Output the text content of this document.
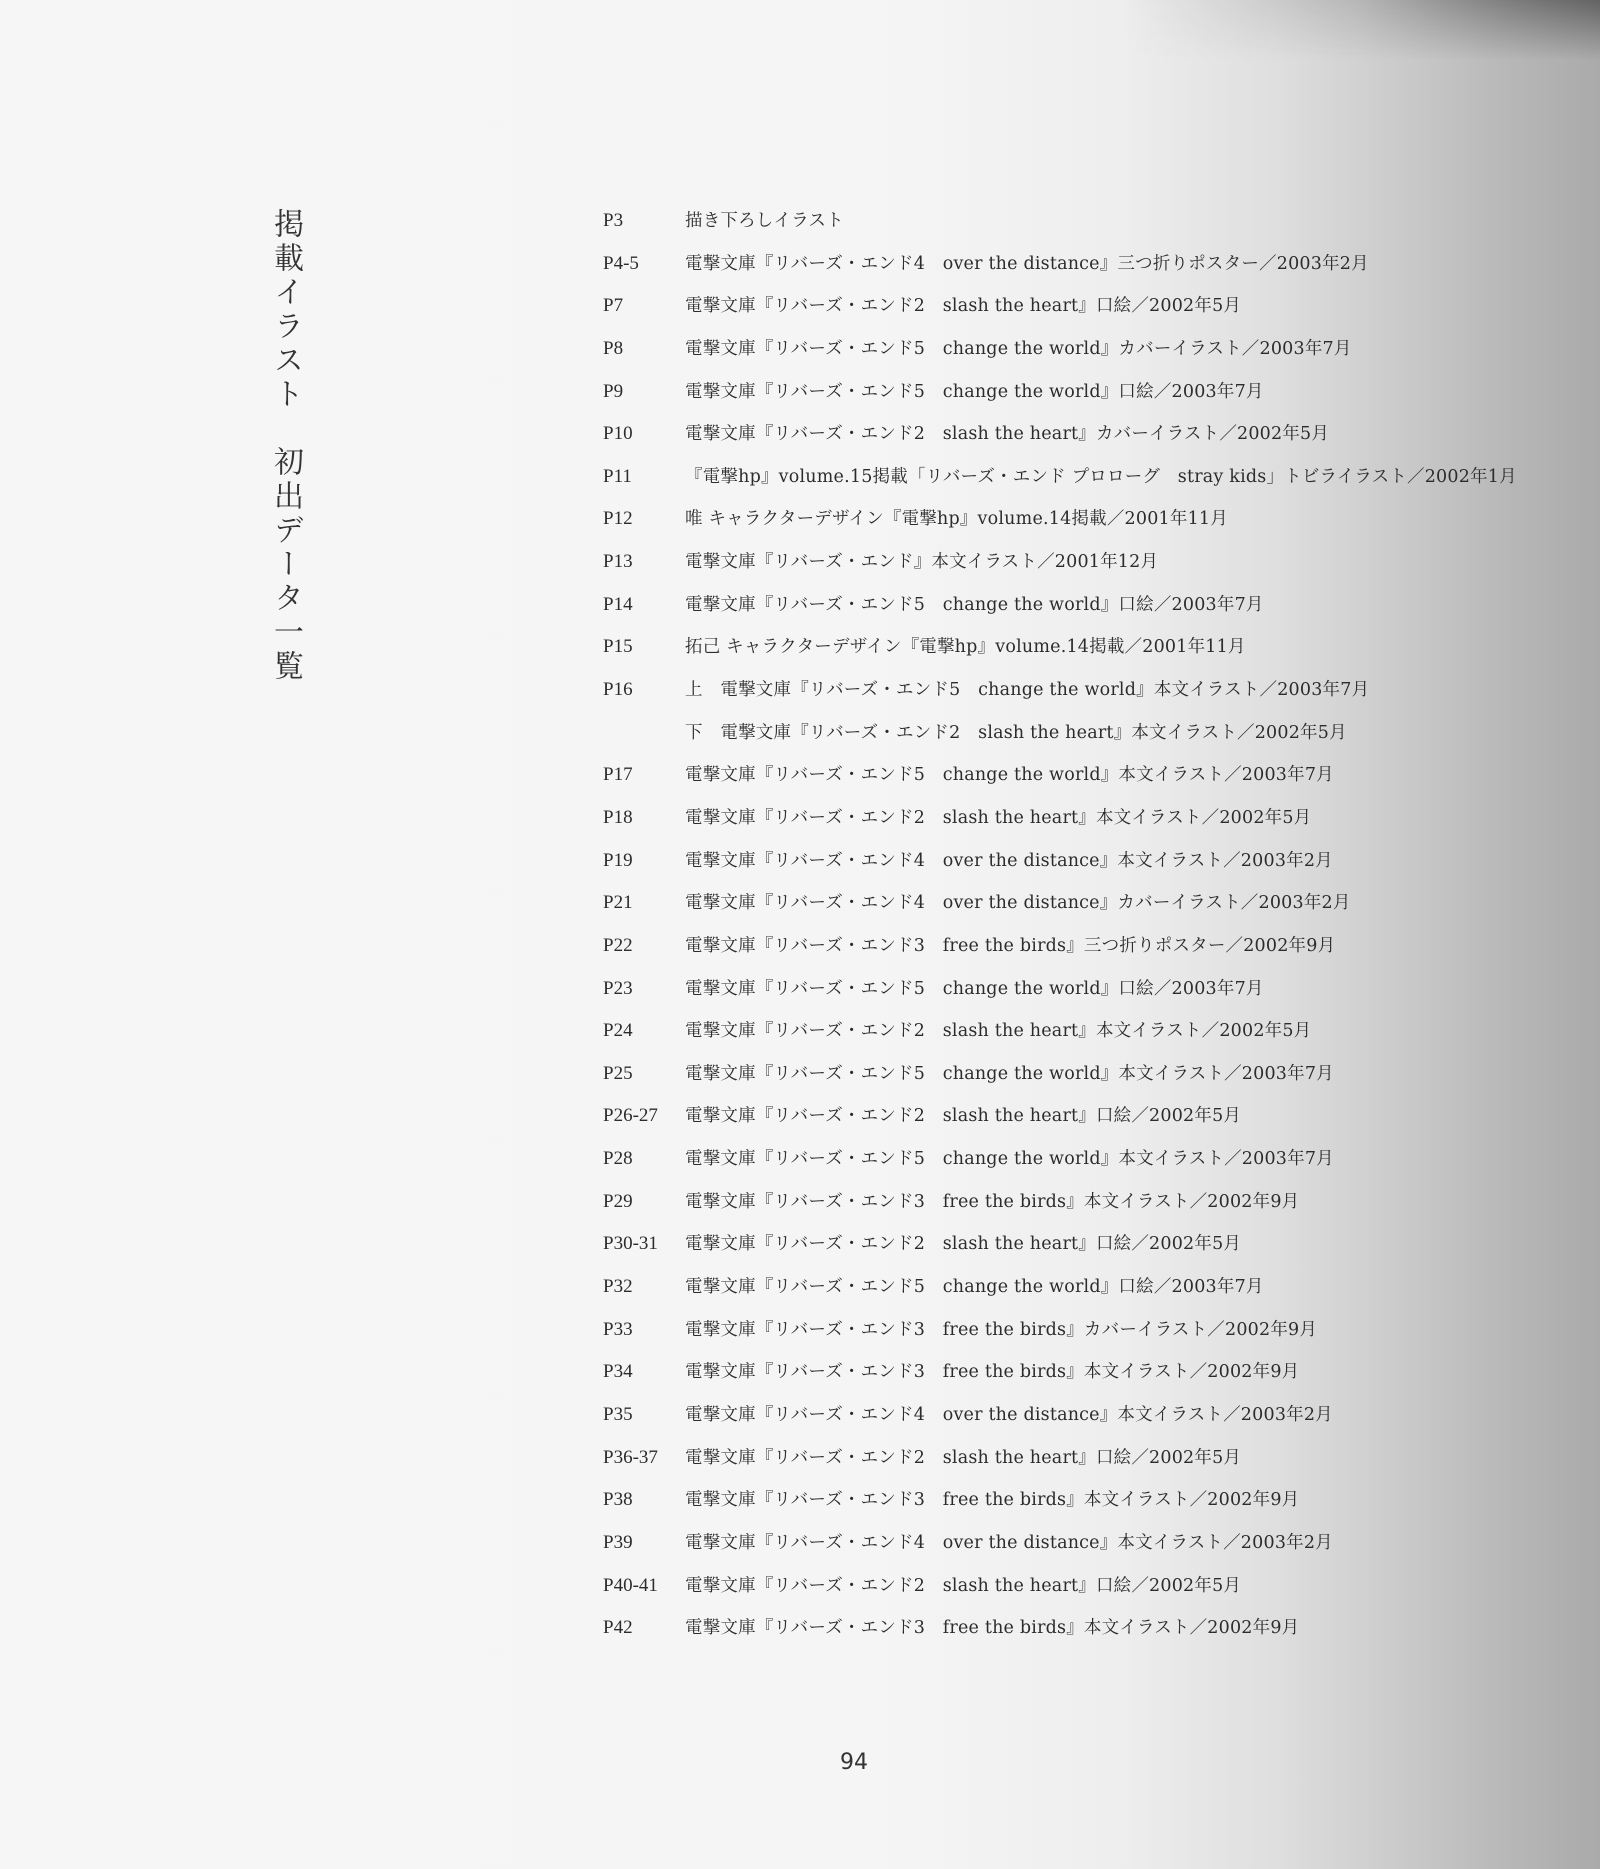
掲載イラスト　初出データ一覧	P3	描き下ろしイラスト
P4-5	電撃文庫『リバーズ・エンド4　over the distance』三つ折りポスター／2003年2月
P7	電撃文庫『リバーズ・エンド2　slash the heart』口絵／2002年5月
P8	電撃文庫『リバーズ・エンド5　change the world』カバーイラスト／2003年7月
P9	電撃文庫『リバーズ・エンド5　change the world』口絵／2003年7月
P10	電撃文庫『リバーズ・エンド2　slash the heart』カバーイラスト／2002年5月
P11	『電撃hp』volume.15掲載「リバーズ・エンド プロローグ　stray kids」トビライラスト／2002年1月
P12	唯 キャラクターデザイン『電撃hp』volume.14掲載／2001年11月
P13	電撃文庫『リバーズ・エンド』本文イラスト／2001年12月
P14	電撃文庫『リバーズ・エンド5　change the world』口絵／2003年7月
P15	拓己 キャラクターデザイン『電撃hp』volume.14掲載／2001年11月
P16	上　電撃文庫『リバーズ・エンド5　change the world』本文イラスト／2003年7月
下　電撃文庫『リバーズ・エンド2　slash the heart』本文イラスト／2002年5月
P17	電撃文庫『リバーズ・エンド5　change the world』本文イラスト／2003年7月
P18	電撃文庫『リバーズ・エンド2　slash the heart』本文イラスト／2002年5月
P19	電撃文庫『リバーズ・エンド4　over the distance』本文イラスト／2003年2月
P21	電撃文庫『リバーズ・エンド4　over the distance』カバーイラスト／2003年2月
P22	電撃文庫『リバーズ・エンド3　free the birds』三つ折りポスター／2002年9月
P23	電撃文庫『リバーズ・エンド5　change the world』口絵／2003年7月
P24	電撃文庫『リバーズ・エンド2　slash the heart』本文イラスト／2002年5月
P25	電撃文庫『リバーズ・エンド5　change the world』本文イラスト／2003年7月
P26-27 電撃文庫『リバーズ・エンド2　slash the heart』口絵／2002年5月
P28	電撃文庫『リバーズ・エンド5　change the world』本文イラスト／2003年7月
P29	電撃文庫『リバーズ・エンド3　free the birds』本文イラスト／2002年9月
P30-31 電撃文庫『リバーズ・エンド2　slash the heart』口絵／2002年5月
P32	電撃文庫『リバーズ・エンド5　change the world』口絵／2003年7月
P33	電撃文庫『リバーズ・エンド3　free the birds』カバーイラスト／2002年9月
P34	電撃文庫『リバーズ・エンド3　free the birds』本文イラスト／2002年9月
P35	電撃文庫『リバーズ・エンド4　over the distance』本文イラスト／2003年2月
P36-37 電撃文庫『リバーズ・エンド2　slash the heart』口絵／2002年5月
P38	電撃文庫『リバーズ・エンド3　free the birds』本文イラスト／2002年9月
P39	電撃文庫『リバーズ・エンド4　over the distance』本文イラスト／2003年2月
P40-41 電撃文庫『リバーズ・エンド2　slash the heart』口絵／2002年5月
P42	電撃文庫『リバーズ・エンド3　free the birds』本文イラスト／2002年9月
94
